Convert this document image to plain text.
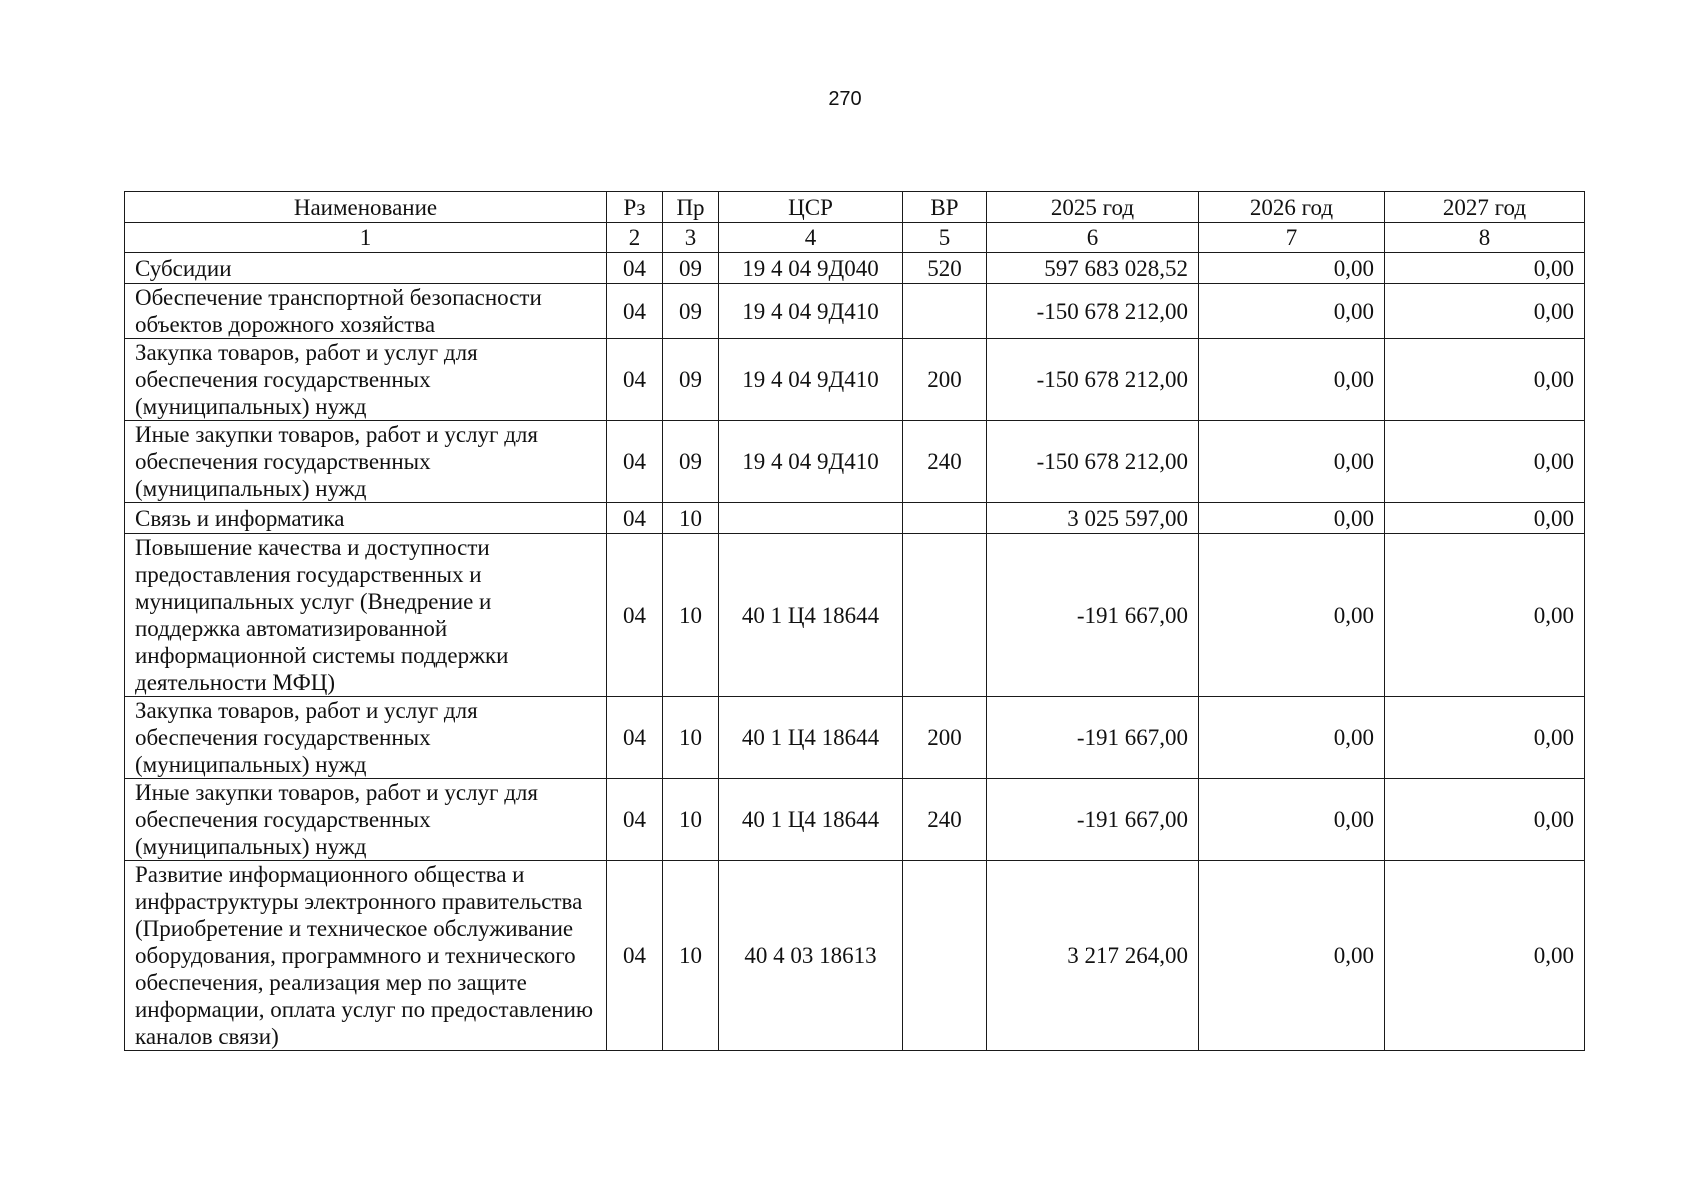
270
Наименование	Рз	Пр	ЦСР	ВР	2025 год	2026 год	2027 год
1	2	3	4	5	6	7	8
Субсидии	04	09	19 4 04 9Д040	520	597 683 028,52	0,00	0,00
Обеспечение транспортной безопасности объектов дорожного хозяйства	04	09	19 4 04 9Д410		-150 678 212,00	0,00	0,00
Закупка товаров, работ и услуг для обеспечения государственных (муниципальных) нужд	04	09	19 4 04 9Д410	200	-150 678 212,00	0,00	0,00
Иные закупки товаров, работ и услуг для обеспечения государственных (муниципальных) нужд	04	09	19 4 04 9Д410	240	-150 678 212,00	0,00	0,00
Связь и информатика	04	10			3 025 597,00	0,00	0,00
Повышение качества и доступности предоставления государственных и муниципальных услуг (Внедрение и поддержка автоматизированной информационной системы поддержки деятельности МФЦ)	04	10	40 1 Ц4 18644		-191 667,00	0,00	0,00
Закупка товаров, работ и услуг для обеспечения государственных (муниципальных) нужд	04	10	40 1 Ц4 18644	200	-191 667,00	0,00	0,00
Иные закупки товаров, работ и услуг для обеспечения государственных (муниципальных) нужд	04	10	40 1 Ц4 18644	240	-191 667,00	0,00	0,00
Развитие информационного общества и инфраструктуры электронного правительства (Приобретение и техническое обслуживание оборудования, программного и технического обеспечения, реализация мер по защите информации, оплата услуг по предоставлению каналов связи)	04	10	40 4 03 18613		3 217 264,00	0,00	0,00
